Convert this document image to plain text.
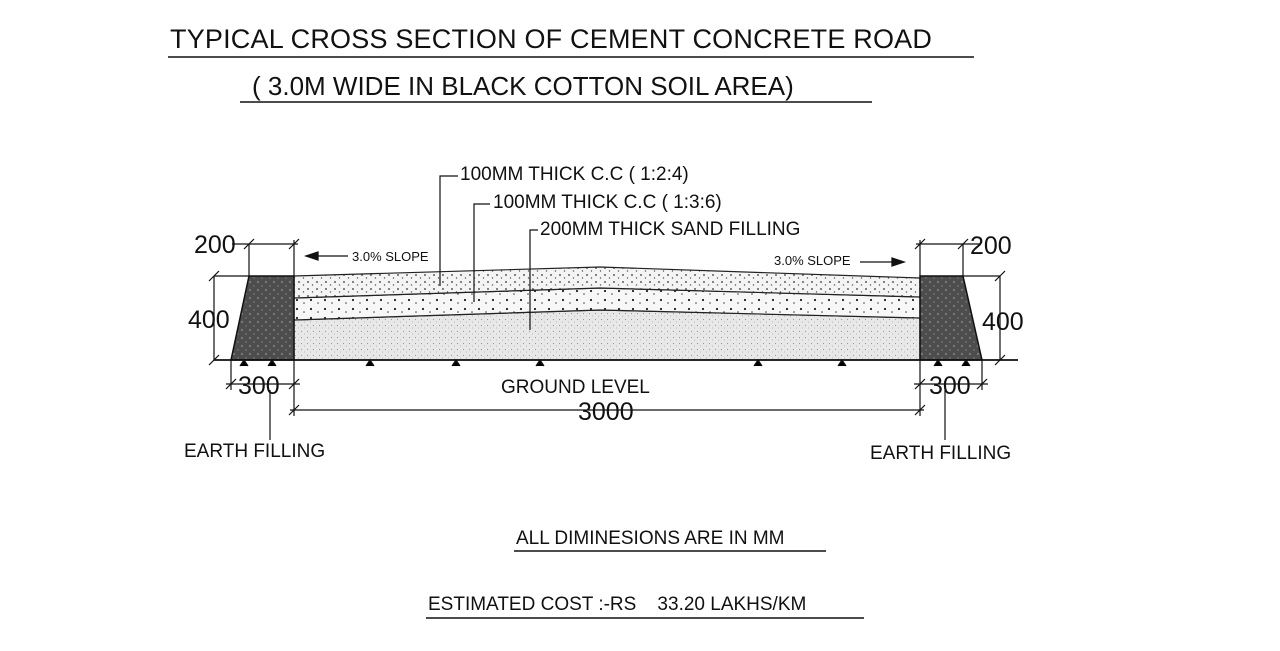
TYPICAL CROSS SECTION OF CEMENT CONCRETE ROAD
( 3.0M WIDE IN BLACK COTTON SOIL AREA)
100MM THICK C.C ( 1:2:4)
100MM THICK C.C ( 1:3:6)
200MM THICK SAND FILLING
3.0% SLOPE	3.0% SLOPE
200	200
400	400
300	300
3000
GROUND LEVEL
EARTH FILLING	EARTH FILLING
ALL DIMINESIONS ARE IN MM
ESTIMATED COST :-RS    33.20 LAKHS/KM
